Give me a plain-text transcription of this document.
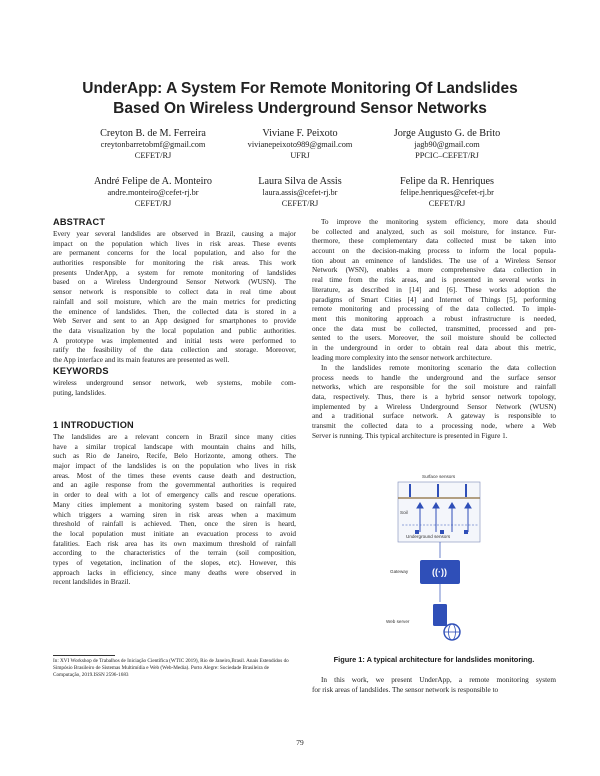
UnderApp: A System For Remote Monitoring Of Landslides
Based On Wireless Underground Sensor Networks
Creyton B. de M. Ferreira
creytonbarretobmf@gmail.com
CEFET/RJ
Viviane F. Peixoto
vivianepeixoto989@gmail.com
UFRJ
Jorge Augusto G. de Brito
jagb90@gmail.com
PPCIC–CEFET/RJ
André Felipe de A. Monteiro
andre.monteiro@cefet-rj.br
CEFET/RJ
Laura Silva de Assis
laura.assis@cefet-rj.br
CEFET/RJ
Felipe da R. Henriques
felipe.henriques@cefet-rj.br
CEFET/RJ
ABSTRACT
Every year several landslides are observed in Brazil, causing a major
impact on the population which lives in risk areas. These events
are permanent concerns for the local population, and also for the
authorities responsible for monitoring the risk areas. This work
presents UnderApp, a system for remote monitoring of landslides
based on a Wireless Underground Sensor Network (WUSN). The
sensor network is responsible to collect data in real time about
rainfall and soil moisture, which are the main metrics for predicting
the eminence of landslides. Then, the collected data is stored in a
Web Server and sent to an App designed for smartphones to provide
the data visualization by the local population and public authorities.
A prototype was implemented and initial tests were performed to
ratify the feasibility of the data collection and storage. Moreover,
the App interface and its main features are presented as well.
KEYWORDS
wireless underground sensor network, web systems, mobile com-
puting, landslides.
1 INTRODUCTION
The landslides are a relevant concern in Brazil since many cities
have a similar tropical landscape with mountain chains and hills,
such as Rio de Janeiro, Recife, Belo Horizonte, among others. The
major impact of the landslides is on the population who lives in risk
areas. Most of the times these events cause death and destruction,
and an agile response from the governmental authorities is required
in order to deal with a lot of emergency calls and rescue operations.
Many cities implement a monitoring system based on rainfall rate,
which triggers a warning siren in risk areas when a maximum
threshold of rainfall is achieved. Then, once the siren is heard,
the local population must initiate an evacuation process to avoid
fatalities. Each risk area has its own maximum threshold of rainfall
according to the characteristics of the terrain (soil composition,
types of vegetation, inclination of the slopes, etc). However, this
approach lacks in efficiency, since many deaths were observed in
recent landslides in Brazil.
In: XVI Workshop de Trabalhos de Iniciação Científica (WTIC 2019), Rio de Janeiro,Brasil. Anais Estendidos do Simpósio Brasileiro de Sistemas Multimídia e Web (Web-Media). Porto Alegre: Sociedade Brasileira de Computação, 2019.ISSN 2596-1683
To improve the monitoring system efficiency, more data should
be collected and analyzed, such as soil moisture, for instance. Fur-
thermore, these complementary data collected must be taken into
account on the decision-making process to inform the local popula-
tion about an eminence of landslides. The use of a Wireless Sensor
Network (WSN), enables a more comprehensive data collection in
real time from the risk areas, and is presented in several works in
literature, as described in [14] and [6]. These works adoption the
paradigms of Smart Cities [4] and Internet of Things [5], performing
remote monitoring and processing of the data collected. To imple-
ment this monitoring approach a robust infrastructure is needed,
once the data must be collected, transmitted, processed and pre-
sented to the users. Moreover, the soil moisture should be collected
in the underground in order to obtain real data about this metric,
leading more complexity into the sensor network architecture.
In the landslides remote monitoring scenario the data collection
process needs to handle the underground and the surface sensor
networks, which are responsible for the soil moisture and rainfall
data, respectively. Thus, there is a hybrid sensor network topology,
implemented by a Wireless Underground Sensor Network (WUSN)
and a traditional surface network. A gateway is responsible to
transmit the collected data to a processing node, where a Web
Server is running. This typical architecture is presented in Figure 1.
Surface sensors
Soil
Underground sensors
Gateway	((·))
Web server
Figure 1: A typical architecture for landslides monitoring.
In this work, we present UnderApp, a remote monitoring system
for risk areas of landslides. The sensor network is responsible to
79
